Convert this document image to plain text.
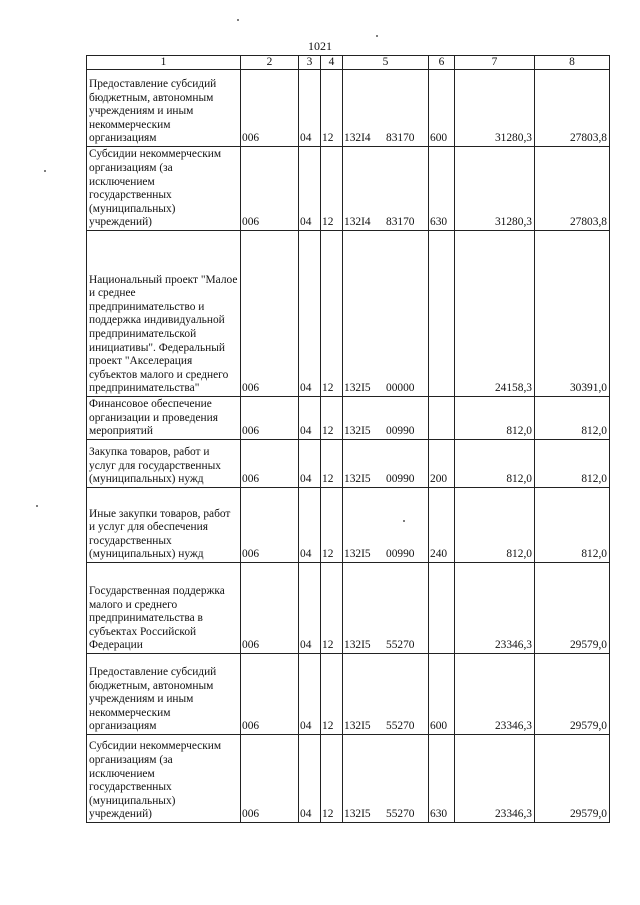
1021
1	2	3	4	5	6	7	8
Предоставление субсидий бюджетным, автономным учреждениям и иным некоммерческим организациям	006	04	12	132I4 83170	600	31280,3	27803,8
Субсидии некоммерческим организациям (за исключением государственных (муниципальных) учреждений)	006	04	12	132I4 83170	630	31280,3	27803,8
Национальный проект "Малое и среднее предпринимательство и поддержка индивидуальной предпринимательской инициативы". Федеральный проект "Акселерация субъектов малого и среднего предпринимательства"	006	04	12	132I5 00000		24158,3	30391,0
Финансовое обеспечение организации и проведения мероприятий	006	04	12	132I5 00990		812,0	812,0
Закупка товаров, работ и услуг для государственных (муниципальных) нужд	006	04	12	132I5 00990	200	812,0	812,0
Иные закупки товаров, работ и услуг для обеспечения государственных (муниципальных) нужд	006	04	12	132I5 00990	240	812,0	812,0
Государственная поддержка малого и среднего предпринимательства в субъектах Российской Федерации	006	04	12	132I5 55270		23346,3	29579,0
Предоставление субсидий бюджетным, автономным учреждениям и иным некоммерческим организациям	006	04	12	132I5 55270	600	23346,3	29579,0
Субсидии некоммерческим организациям (за исключением государственных (муниципальных) учреждений)	006	04	12	132I5 55270	630	23346,3	29579,0
